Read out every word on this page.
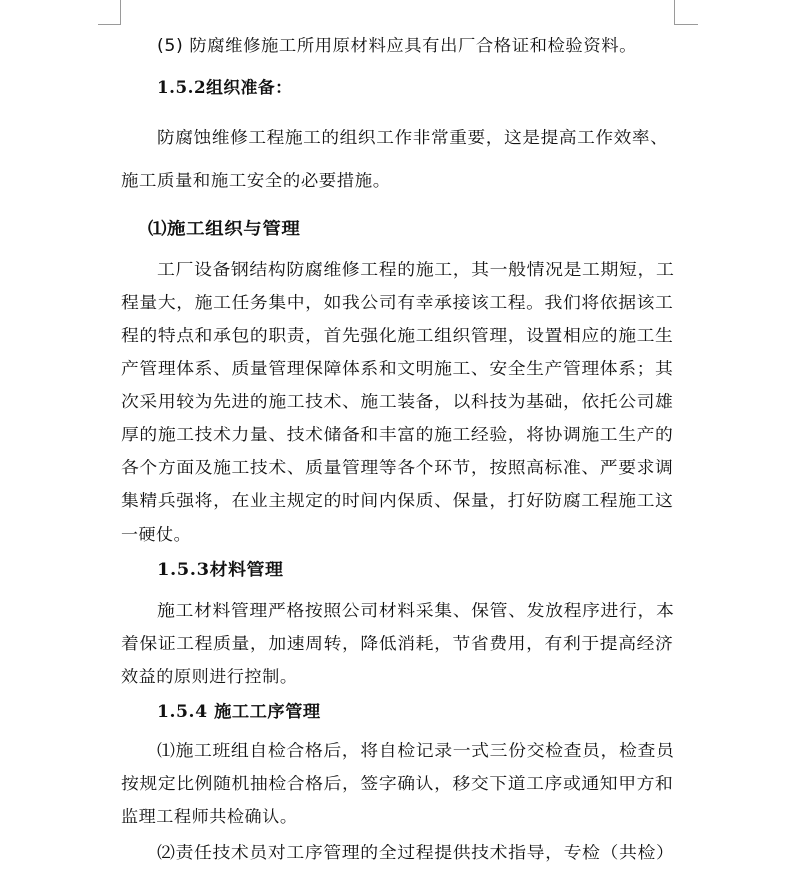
(5) 防腐维修施工所用原材料应具有出厂合格证和检验资料。
1.5.2组织准备：
防腐蚀维修工程施工的组织工作非常重要，这是提高工作效率、
施工质量和施工安全的必要措施。
⑴施工组织与管理
工厂设备钢结构防腐维修工程的施工，其一般情况是工期短，工
程量大，施工任务集中，如我公司有幸承接该工程。我们将依据该工
程的特点和承包的职责，首先强化施工组织管理，设置相应的施工生
产管理体系、质量管理保障体系和文明施工、安全生产管理体系；其
次采用较为先进的施工技术、施工装备，以科技为基础，依托公司雄
厚的施工技术力量、技术储备和丰富的施工经验，将协调施工生产的
各个方面及施工技术、质量管理等各个环节，按照高标准、严要求调
集精兵强将，在业主规定的时间内保质、保量，打好防腐工程施工这
一硬仗。
1.5.3材料管理
施工材料管理严格按照公司材料采集、保管、发放程序进行，本
着保证工程质量，加速周转，降低消耗，节省费用，有利于提高经济
效益的原则进行控制。
1.5.4 施工工序管理
⑴施工班组自检合格后，将自检记录一式三份交检查员，检查员
按规定比例随机抽检合格后，签字确认，移交下道工序或通知甲方和
监理工程师共检确认。
⑵责任技术员对工序管理的全过程提供技术指导，专检（共检）
